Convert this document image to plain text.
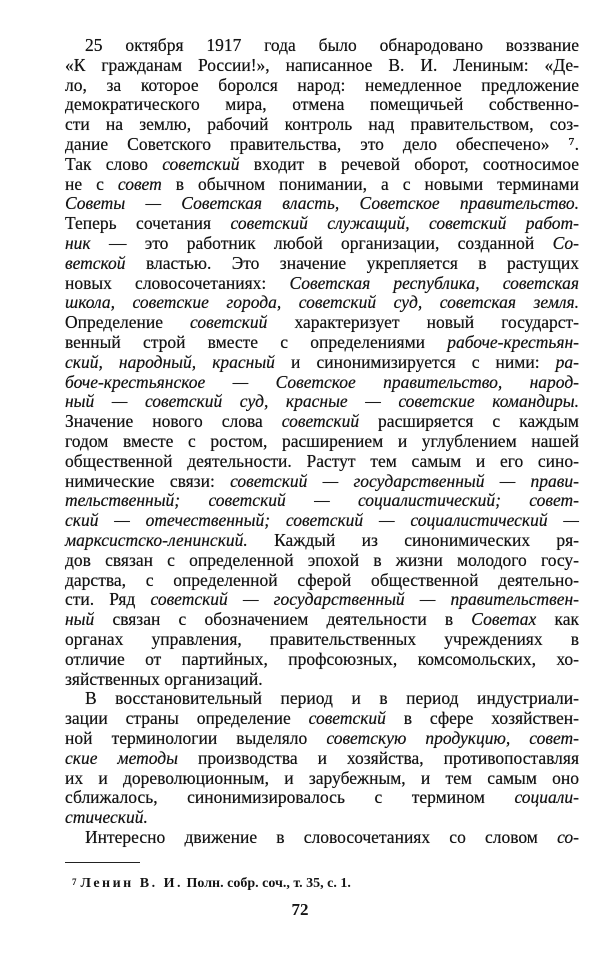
25 октября 1917 года было обнародовано воззвание
«К гражданам России!», написанное В. И. Лениным: «Де-
ло, за которое боролся народ: немедленное предложение
демократического мира, отмена помещичьей собственно-
сти на землю, рабочий контроль над правительством, соз-
дание Советского правительства, это дело обеспечено» ⁷.
Так слово советский входит в речевой оборот, соотносимое
не с совет в обычном понимании, а с новыми терминами
Советы — Советская власть, Советское правительство.
Теперь сочетания советский служащий, советский работ-
ник — это работник любой организации, созданной Со-
ветской властью. Это значение укрепляется в растущих
новых словосочетаниях: Советская республика, советская
школа, советские города, советский суд, советская земля.
Определение советский характеризует новый государст-
венный строй вместе с определениями рабоче-крестьян-
ский, народный, красный и синонимизируется с ними: ра-
боче-крестьянское — Советское правительство, народ-
ный — советский суд, красные — советские командиры.
Значение нового слова советский расширяется с каждым
годом вместе с ростом, расширением и углублением нашей
общественной деятельности. Растут тем самым и его сино-
нимические связи: советский — государственный — прави-
тельственный; советский — социалистический; совет-
ский — отечественный; советский — социалистический —
марксистско-ленинский. Каждый из синонимических ря-
дов связан с определенной эпохой в жизни молодого госу-
дарства, с определенной сферой общественной деятельно-
сти. Ряд советский — государственный — правительствен-
ный связан с обозначением деятельности в Советах как
органах управления, правительственных учреждениях в
отличие от партийных, профсоюзных, комсомольских, хо-
зяйственных организаций.
В восстановительный период и в период индустриали-
зации страны определение советский в сфере хозяйствен-
ной терминологии выделяло советскую продукцию, совет-
ские методы производства и хозяйства, противопоставляя
их и дореволюционным, и зарубежным, и тем самым оно
сближалось, синонимизировалось с термином социали-
стический.
Интересно движение в словосочетаниях со словом со-
$^7$ Ленин В. И. Полн. собр. соч., т. 35, с. 1.
72
